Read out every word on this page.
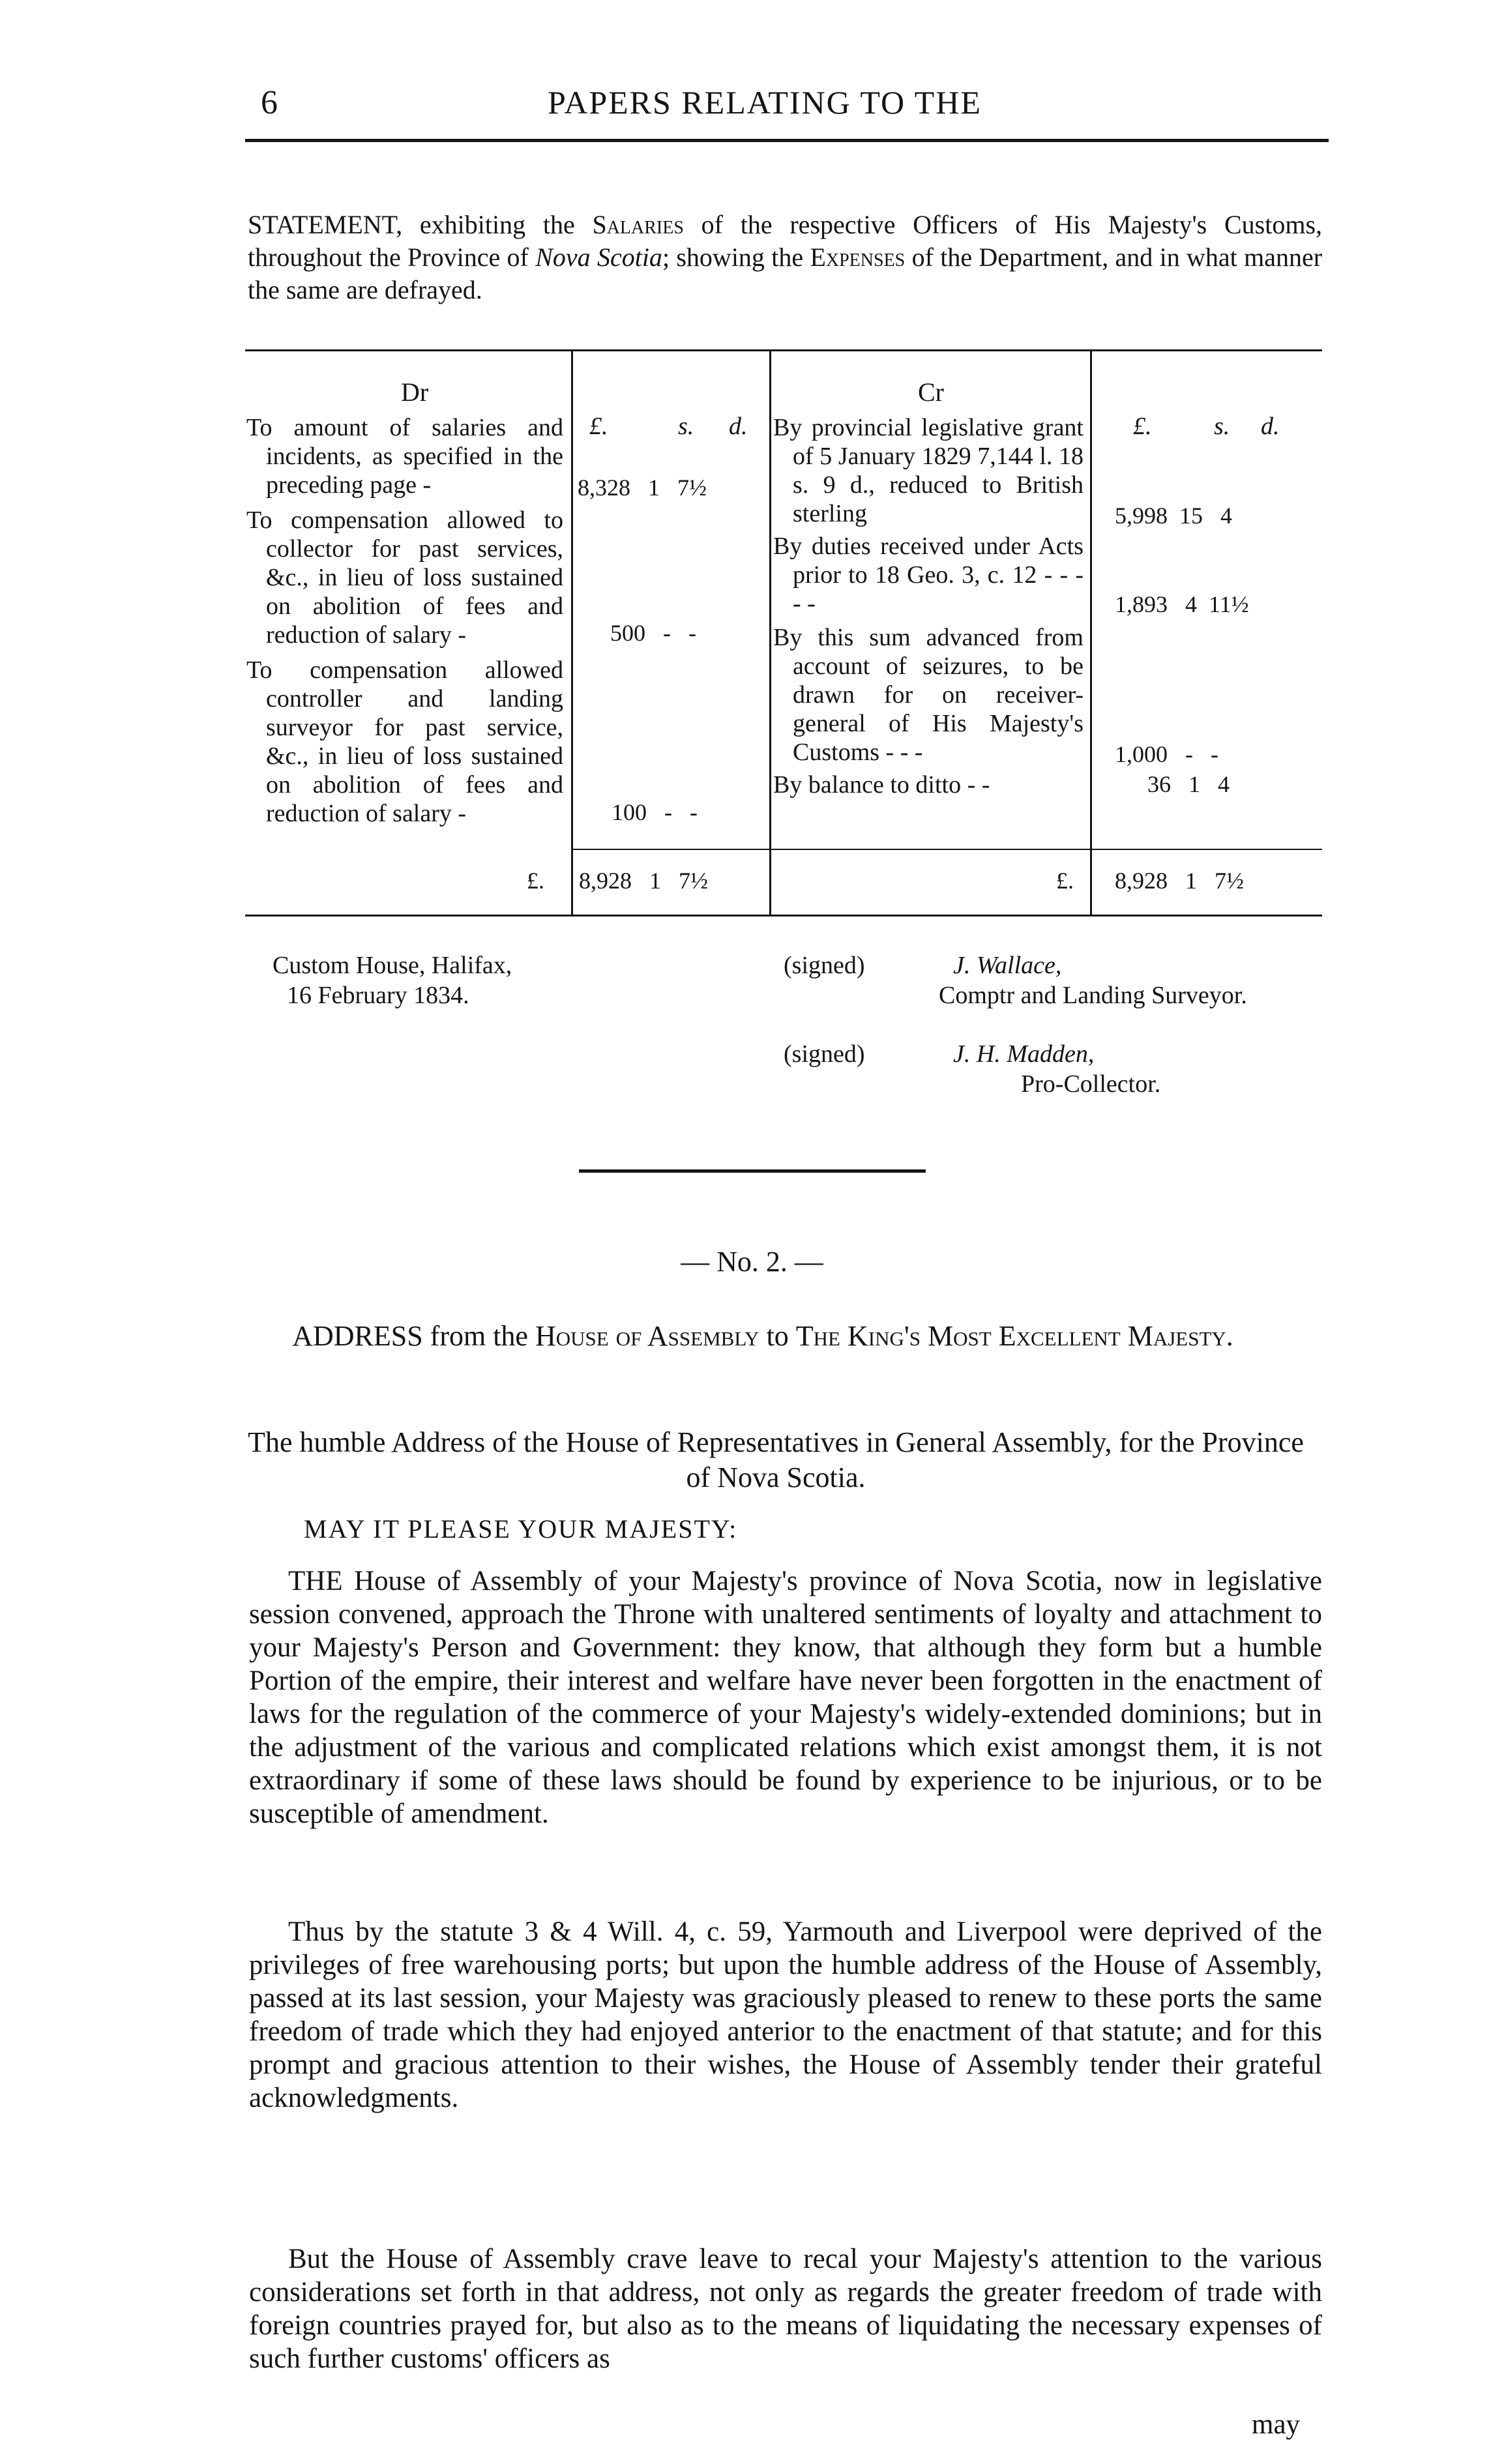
6	PAPERS RELATING TO THE
STATEMENT, exhibiting the Salaries of the respective Officers of His Majesty's Customs, throughout the Province of Nova Scotia; showing the Expenses of the Department, and in what manner the same are defrayed.
Dr	Cr
£.	s. d.	£.	s. d.
To amount of salaries and incidents, as specified in the preceding page -	8,328   1   7½
To compensation allowed to collector for past services, &c., in lieu of loss sustained on abolition of fees and reduction of salary -	500   -   -
To compensation allowed controller and landing surveyor for past service, &c., in lieu of loss sustained on abolition of fees and reduction of salary -	100   -   -
£. 8,928   1   7½
By provincial legislative grant of 5 January 1829 7,144 l. 18 s. 9 d., reduced to British sterling	5,998  15   4
By duties received under Acts prior to 18 Geo. 3, c. 12 - - - - -	1,893   4  11½
By this sum advanced from account of seizures, to be drawn for on receiver-general of His Majesty's Customs - - -	1,000   -   -
By balance to ditto - -	36   1   4
£. 8,928   1   7½
Custom House, Halifax,
16 February 1834.
(signed)	J. Wallace,
Comptr and Landing Surveyor.
(signed)	J. H. Madden,
Pro-Collector.
— No. 2. —
ADDRESS from the House of Assembly to The King's Most Excellent Majesty.
The humble Address of the House of Representatives in General Assembly, for the Province of Nova Scotia.
MAY IT PLEASE YOUR MAJESTY:
THE House of Assembly of your Majesty's province of Nova Scotia, now in legislative session convened, approach the Throne with unaltered sentiments of loyalty and attachment to your Majesty's Person and Government: they know, that although they form but a humble Portion of the empire, their interest and welfare have never been forgotten in the enactment of laws for the regulation of the commerce of your Majesty's widely-extended dominions; but in the adjustment of the various and complicated relations which exist amongst them, it is not extraordinary if some of these laws should be found by experience to be injurious, or to be susceptible of amendment.
Thus by the statute 3 & 4 Will. 4, c. 59, Yarmouth and Liverpool were deprived of the privileges of free warehousing ports; but upon the humble address of the House of Assembly, passed at its last session, your Majesty was graciously pleased to renew to these ports the same freedom of trade which they had enjoyed anterior to the enactment of that statute; and for this prompt and gracious attention to their wishes, the House of Assembly tender their grateful acknowledgments.
But the House of Assembly crave leave to recal your Majesty's attention to the various considerations set forth in that address, not only as regards the greater freedom of trade with foreign countries prayed for, but also as to the means of liquidating the necessary expenses of such further customs' officers as
may
